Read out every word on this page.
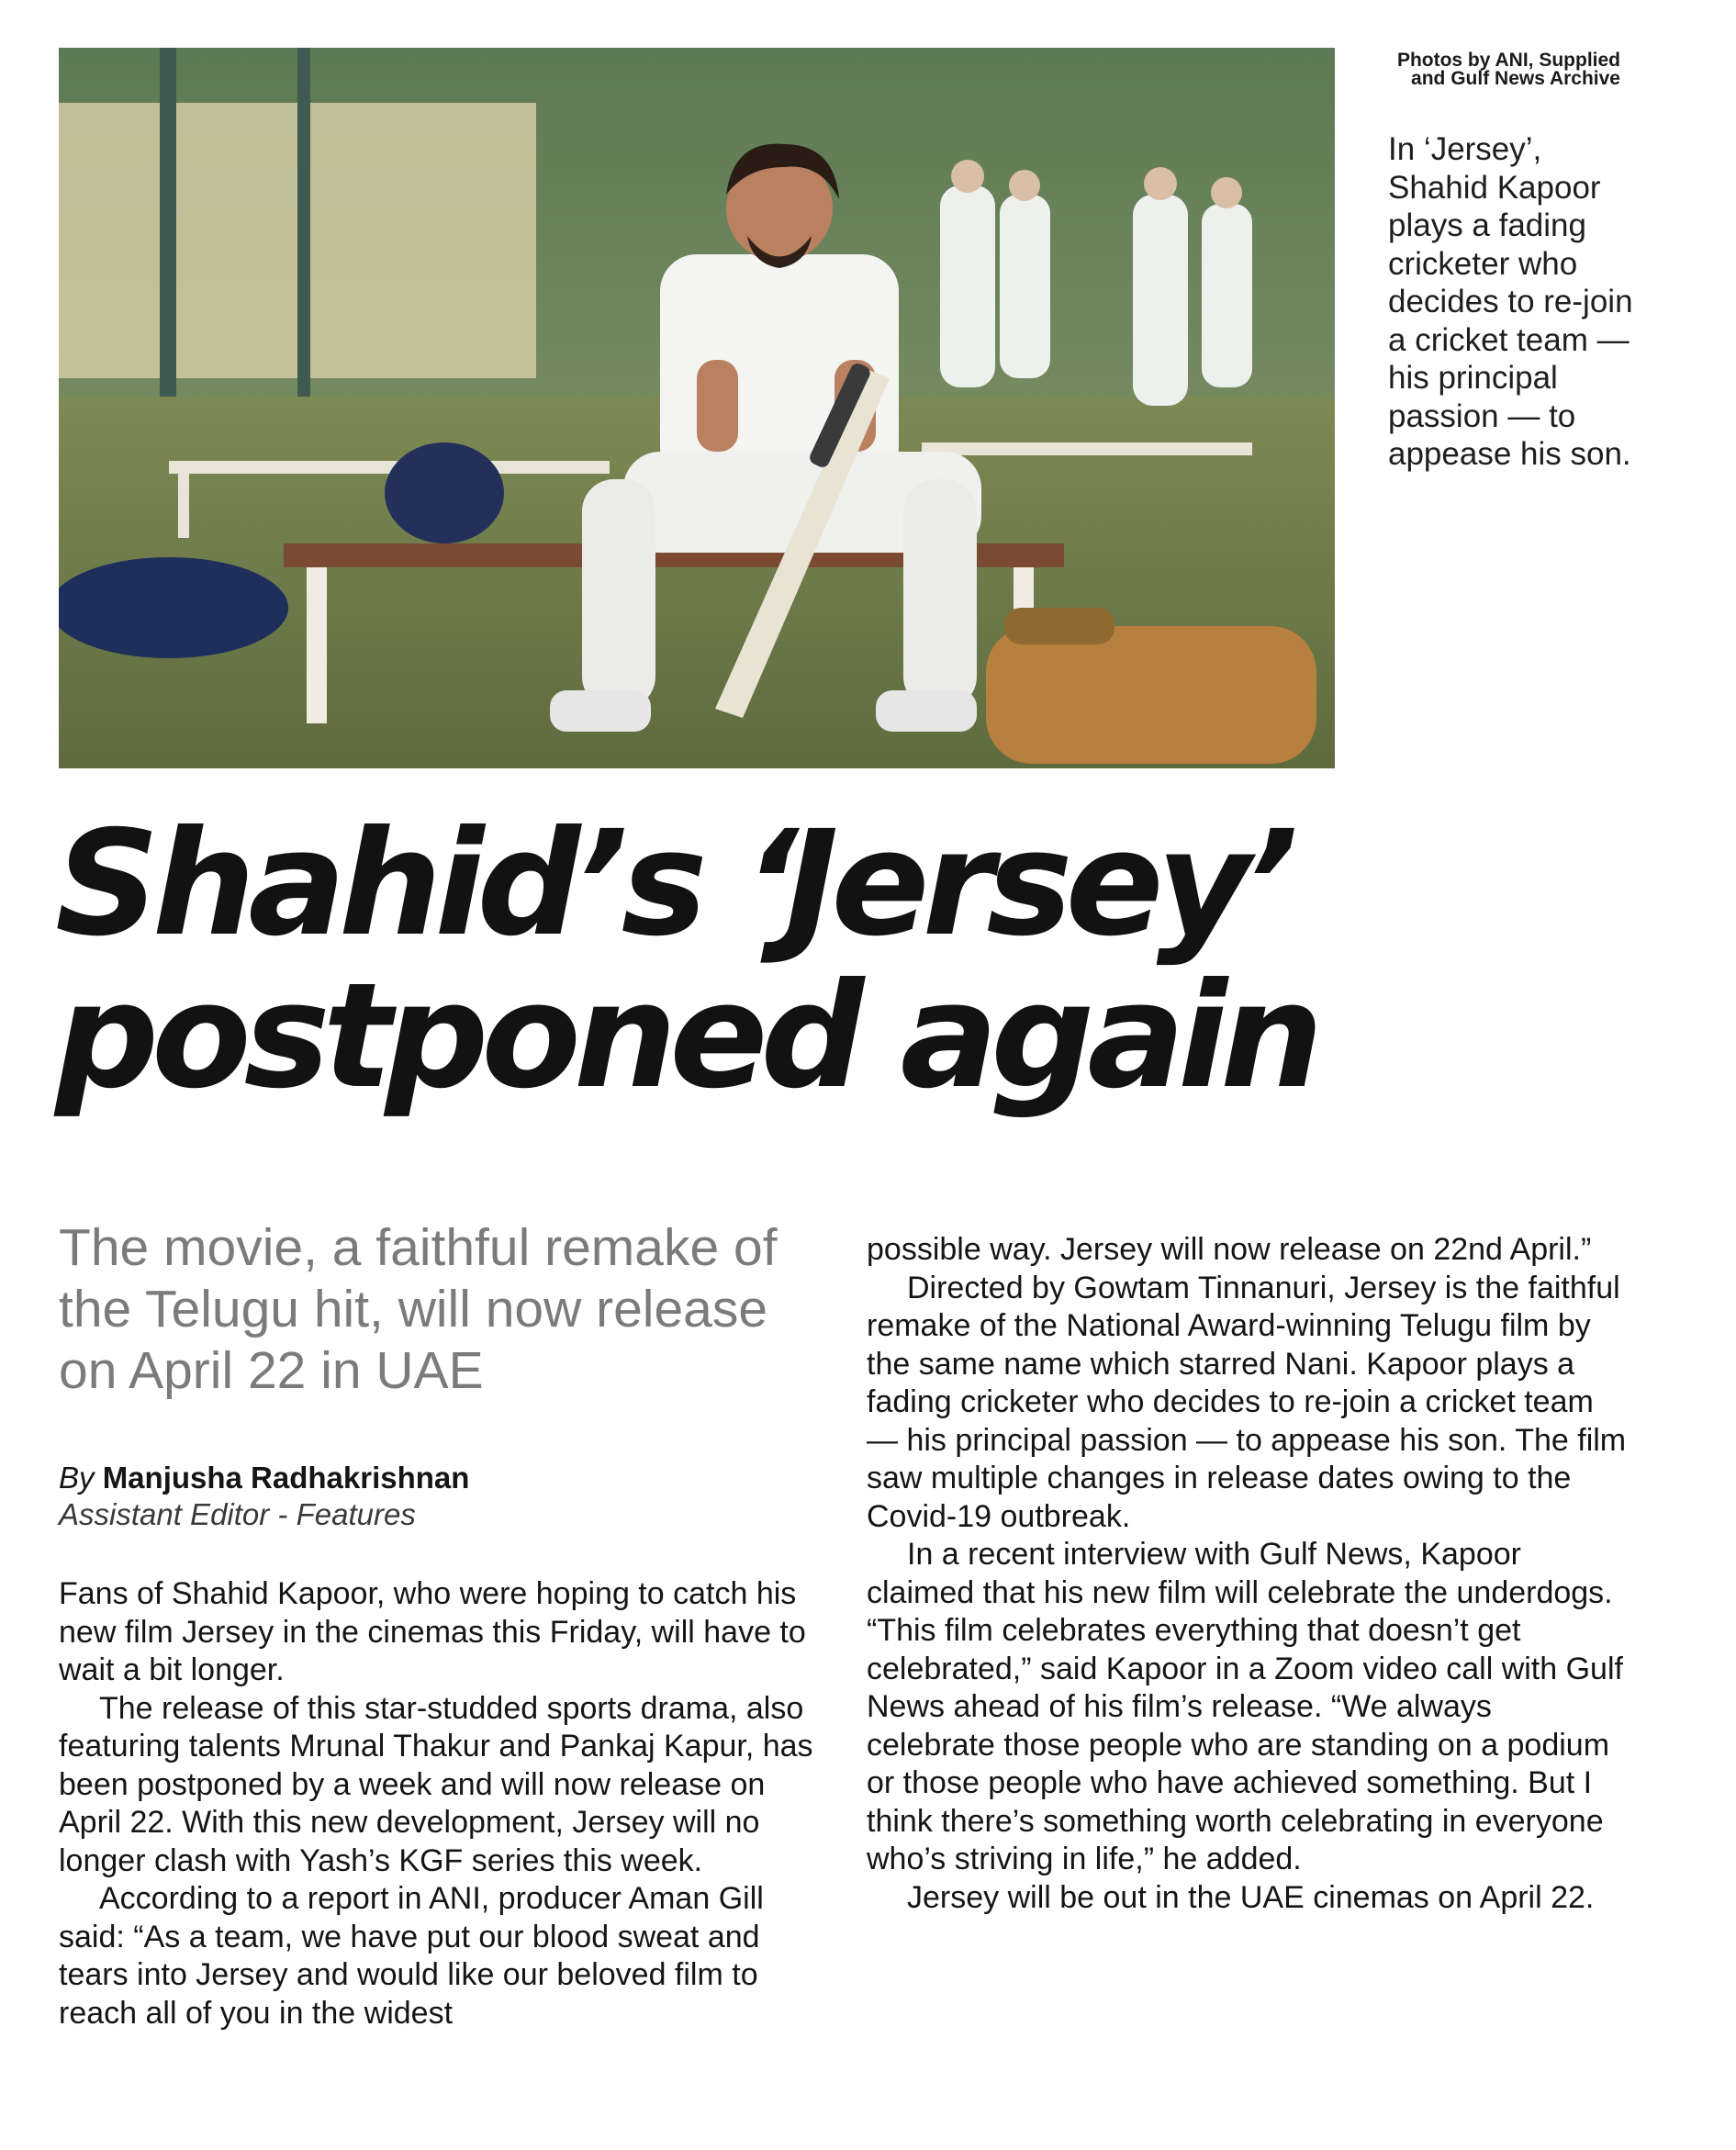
Photos by ANI, Supplied and Gulf News Archive
In ‘Jersey’, Shahid Kapoor plays a fading cricketer who decides to re-join a cricket team — his principal passion — to appease his son.
Shahid’s ‘Jersey’
postponed again
The movie, a faithful remake of the Telugu hit, will now release on April 22 in UAE
By Manjusha Radhakrishnan
Assistant Editor - Features

Fans of Shahid Kapoor, who were hoping to catch his new film Jersey in the cinemas this Friday, will have to wait a bit longer.

The release of this star-studded sports drama, also featuring talents Mrunal Thakur and Pankaj Kapur, has been postponed by a week and will now release on April 22. With this new development, Jersey will no longer clash with Yash’s KGF series this week.

According to a report in ANI, producer Aman Gill said: “As a team, we have put our blood sweat and tears into Jersey and would like our beloved film to reach all of you in the widest

possible way. Jersey will now release on 22nd April.”

Directed by Gowtam Tinnanuri, Jersey is the faithful remake of the National Award-winning Telugu film by the same name which starred Nani. Kapoor plays a fading cricketer who decides to re-join a cricket team — his principal passion — to appease his son. The film saw multiple changes in release dates owing to the Covid-19 outbreak.

In a recent interview with Gulf News, Kapoor claimed that his new film will celebrate the underdogs. “This film celebrates everything that doesn’t get celebrated,” said Kapoor in a Zoom video call with Gulf News ahead of his film’s release. “We always celebrate those people who are standing on a podium or those people who have achieved something. But I think there’s something worth celebrating in everyone who’s striving in life,” he added.

Jersey will be out in the UAE cinemas on April 22.
